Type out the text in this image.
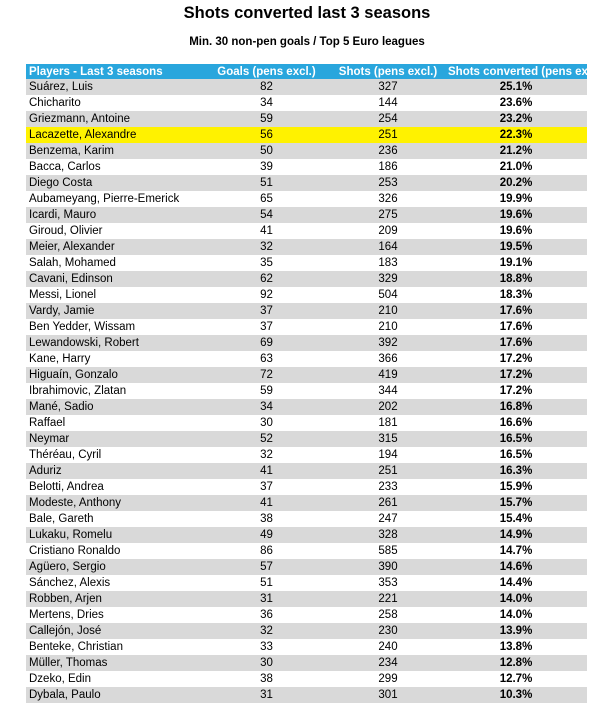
Shots converted last 3 seasons
Min. 30 non-pen goals / Top 5 Euro leagues
Players - Last 3 seasons	Goals (pens excl.)	Shots (pens excl.)	Shots converted (pens excl.)
Suárez, Luis	82	327	25.1%
Chicharito	34	144	23.6%
Griezmann, Antoine	59	254	23.2%
Lacazette, Alexandre	56	251	22.3%
Benzema, Karim	50	236	21.2%
Bacca, Carlos	39	186	21.0%
Diego Costa	51	253	20.2%
Aubameyang, Pierre-Emerick	65	326	19.9%
Icardi, Mauro	54	275	19.6%
Giroud, Olivier	41	209	19.6%
Meier, Alexander	32	164	19.5%
Salah, Mohamed	35	183	19.1%
Cavani, Edinson	62	329	18.8%
Messi, Lionel	92	504	18.3%
Vardy, Jamie	37	210	17.6%
Ben Yedder, Wissam	37	210	17.6%
Lewandowski, Robert	69	392	17.6%
Kane, Harry	63	366	17.2%
Higuaín, Gonzalo	72	419	17.2%
Ibrahimovic, Zlatan	59	344	17.2%
Mané, Sadio	34	202	16.8%
Raffael	30	181	16.6%
Neymar	52	315	16.5%
Théréau, Cyril	32	194	16.5%
Aduriz	41	251	16.3%
Belotti, Andrea	37	233	15.9%
Modeste, Anthony	41	261	15.7%
Bale, Gareth	38	247	15.4%
Lukaku, Romelu	49	328	14.9%
Cristiano Ronaldo	86	585	14.7%
Agüero, Sergio	57	390	14.6%
Sánchez, Alexis	51	353	14.4%
Robben, Arjen	31	221	14.0%
Mertens, Dries	36	258	14.0%
Callejón, José	32	230	13.9%
Benteke, Christian	33	240	13.8%
Müller, Thomas	30	234	12.8%
Dzeko, Edin	38	299	12.7%
Dybala, Paulo	31	301	10.3%
